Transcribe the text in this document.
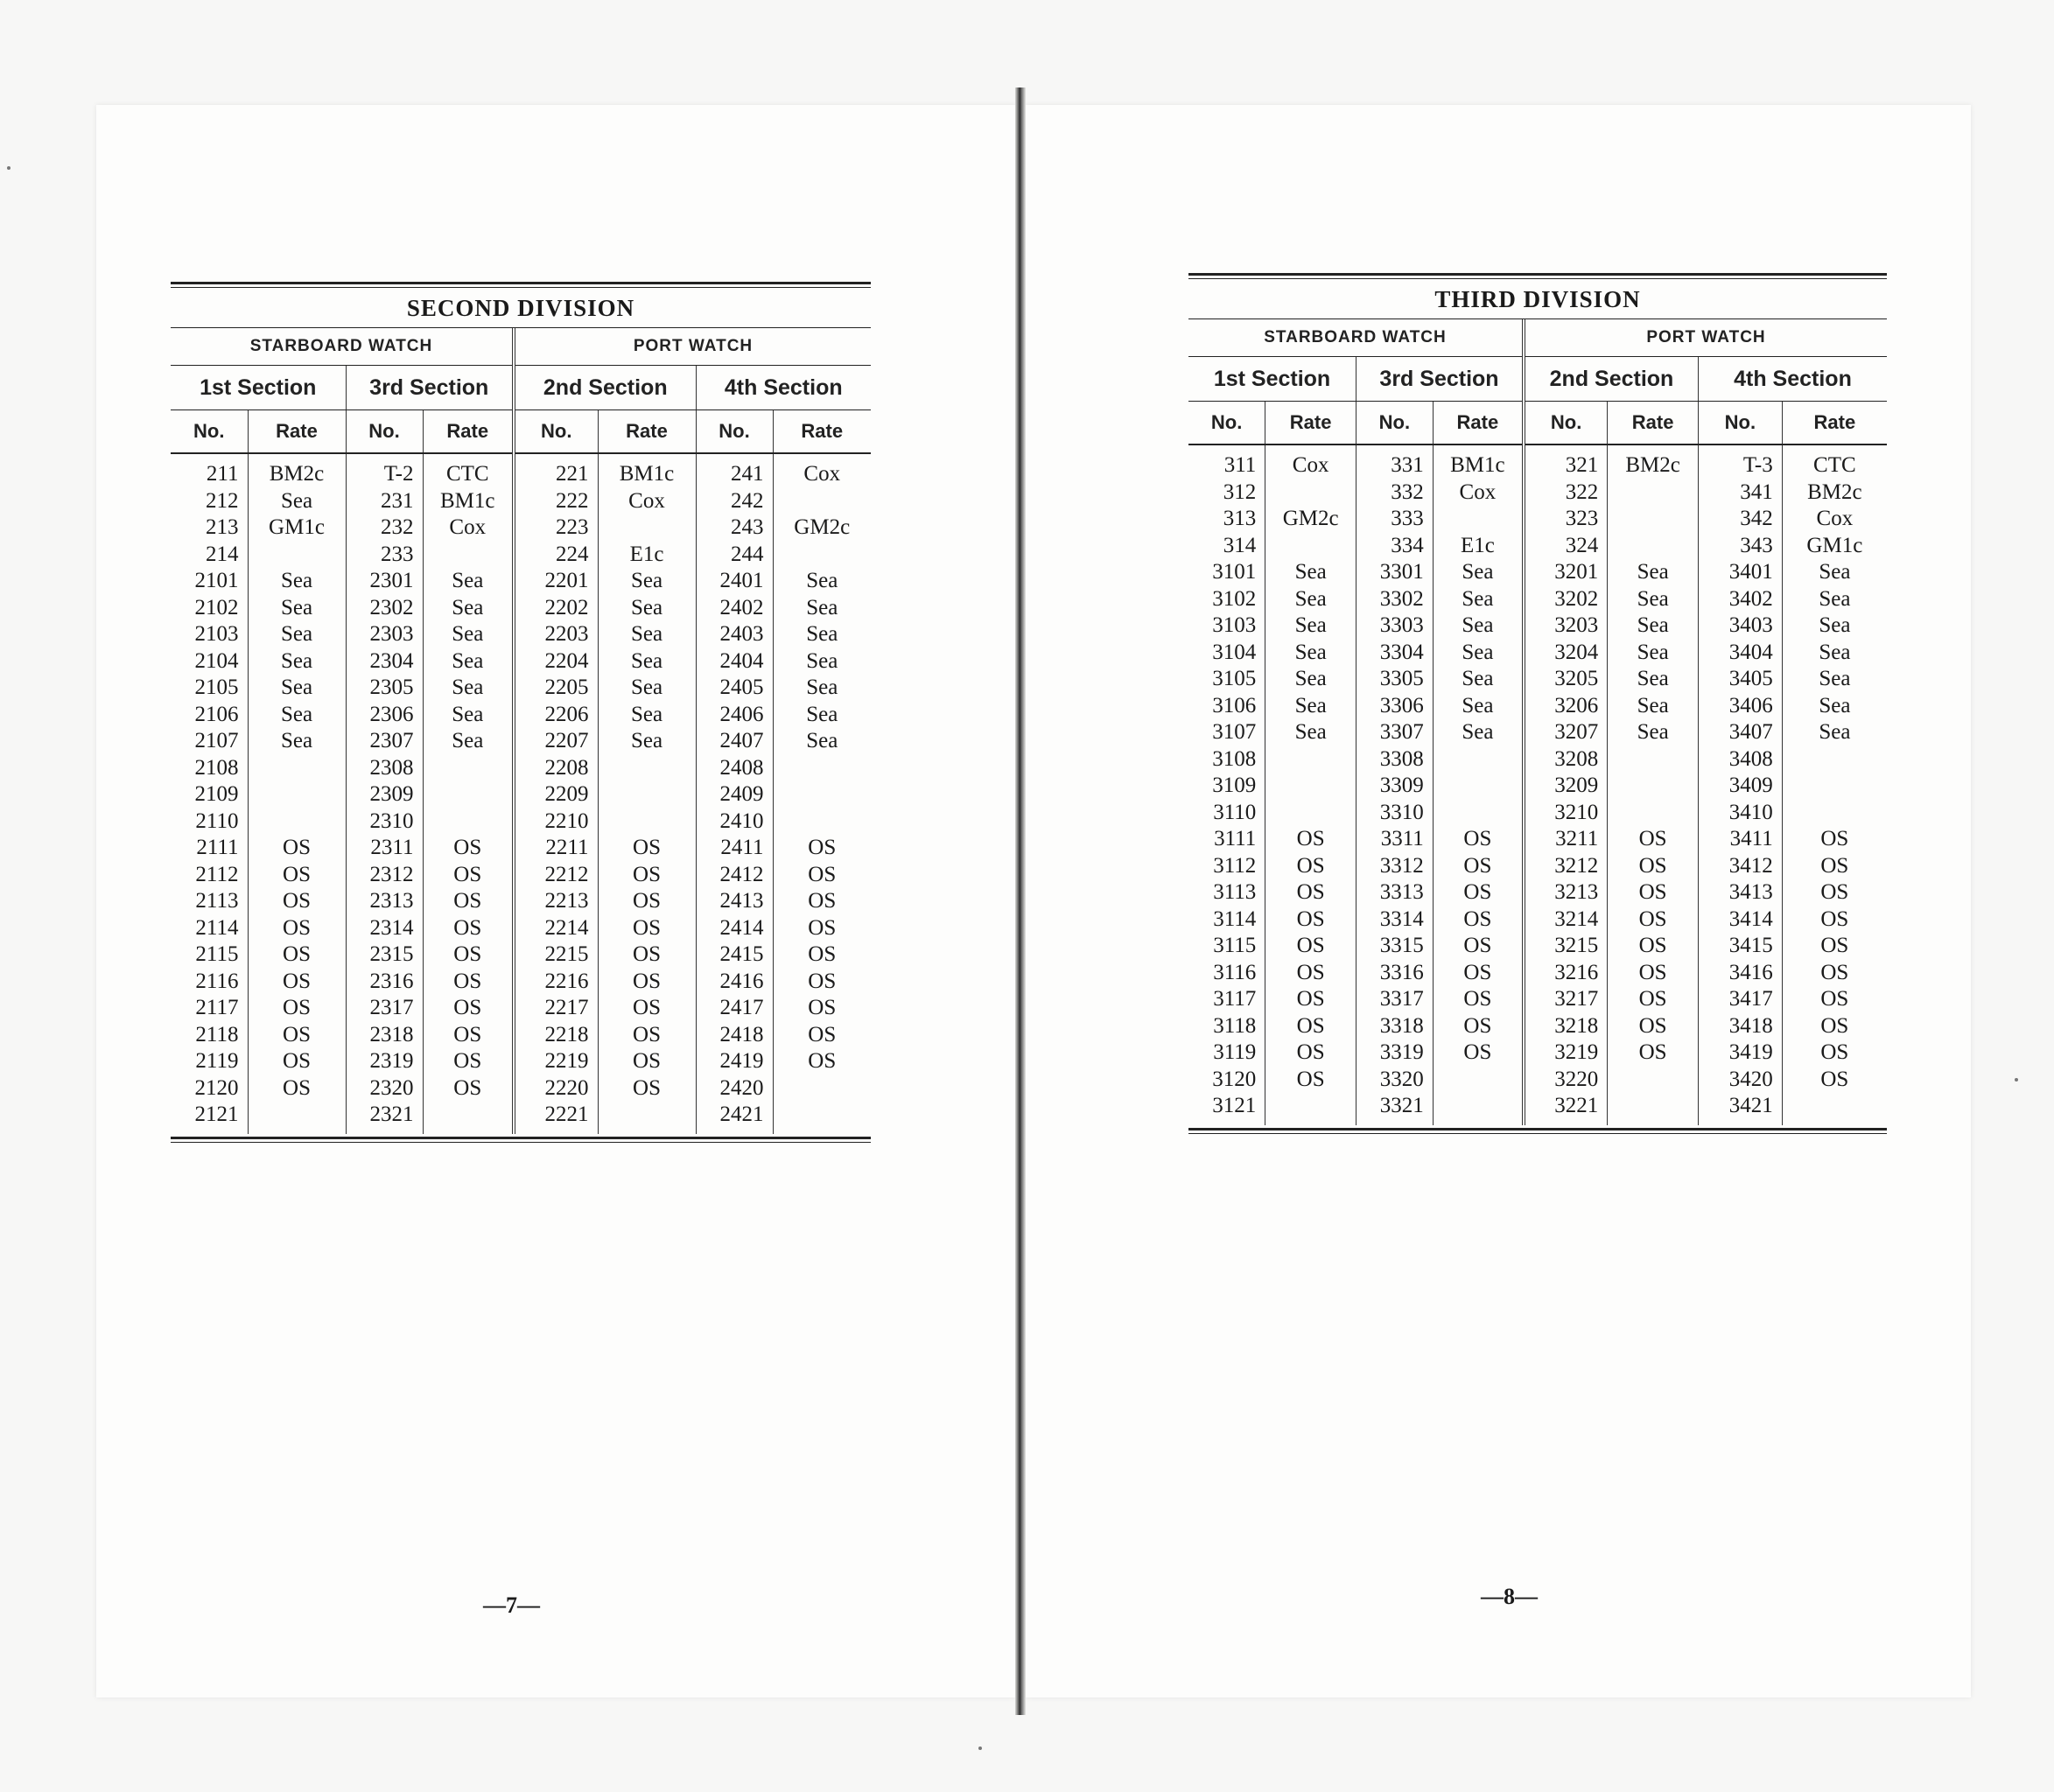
SECOND DIVISION
STARBOARD WATCH				PORT WATCH			
1st Section		3rd Section		2nd Section		4th Section	
No.	Rate	No.	Rate	No.	Rate	No.	Rate
211	BM2c	T-2	CTC	221	BM1c	241	Cox
212	Sea	231	BM1c	222	Cox	242	
213	GM1c	232	Cox	223		243	GM2c
214		233		224	E1c	244	
2101	Sea	2301	Sea	2201	Sea	2401	Sea
2102	Sea	2302	Sea	2202	Sea	2402	Sea
2103	Sea	2303	Sea	2203	Sea	2403	Sea
2104	Sea	2304	Sea	2204	Sea	2404	Sea
2105	Sea	2305	Sea	2205	Sea	2405	Sea
2106	Sea	2306	Sea	2206	Sea	2406	Sea
2107	Sea	2307	Sea	2207	Sea	2407	Sea
2108		2308		2208		2408	
2109		2309		2209		2409	
2110		2310		2210		2410	
2111	OS	2311	OS	2211	OS	2411	OS
2112	OS	2312	OS	2212	OS	2412	OS
2113	OS	2313	OS	2213	OS	2413	OS
2114	OS	2314	OS	2214	OS	2414	OS
2115	OS	2315	OS	2215	OS	2415	OS
2116	OS	2316	OS	2216	OS	2416	OS
2117	OS	2317	OS	2217	OS	2417	OS
2118	OS	2318	OS	2218	OS	2418	OS
2119	OS	2319	OS	2219	OS	2419	OS
2120	OS	2320	OS	2220	OS	2420	
2121		2321		2221		2421	
—7—
THIRD DIVISION
STARBOARD WATCH				PORT WATCH			
1st Section		3rd Section		2nd Section		4th Section	
No.	Rate	No.	Rate	No.	Rate	No.	Rate
311	Cox	331	BM1c	321	BM2c	T-3	CTC
312		332	Cox	322		341	BM2c
313	GM2c	333		323		342	Cox
314		334	E1c	324		343	GM1c
3101	Sea	3301	Sea	3201	Sea	3401	Sea
3102	Sea	3302	Sea	3202	Sea	3402	Sea
3103	Sea	3303	Sea	3203	Sea	3403	Sea
3104	Sea	3304	Sea	3204	Sea	3404	Sea
3105	Sea	3305	Sea	3205	Sea	3405	Sea
3106	Sea	3306	Sea	3206	Sea	3406	Sea
3107	Sea	3307	Sea	3207	Sea	3407	Sea
3108		3308		3208		3408	
3109		3309		3209		3409	
3110		3310		3210		3410	
3111	OS	3311	OS	3211	OS	3411	OS
3112	OS	3312	OS	3212	OS	3412	OS
3113	OS	3313	OS	3213	OS	3413	OS
3114	OS	3314	OS	3214	OS	3414	OS
3115	OS	3315	OS	3215	OS	3415	OS
3116	OS	3316	OS	3216	OS	3416	OS
3117	OS	3317	OS	3217	OS	3417	OS
3118	OS	3318	OS	3218	OS	3418	OS
3119	OS	3319	OS	3219	OS	3419	OS
3120	OS	3320		3220		3420	OS
3121		3321		3221		3421	
—8—
